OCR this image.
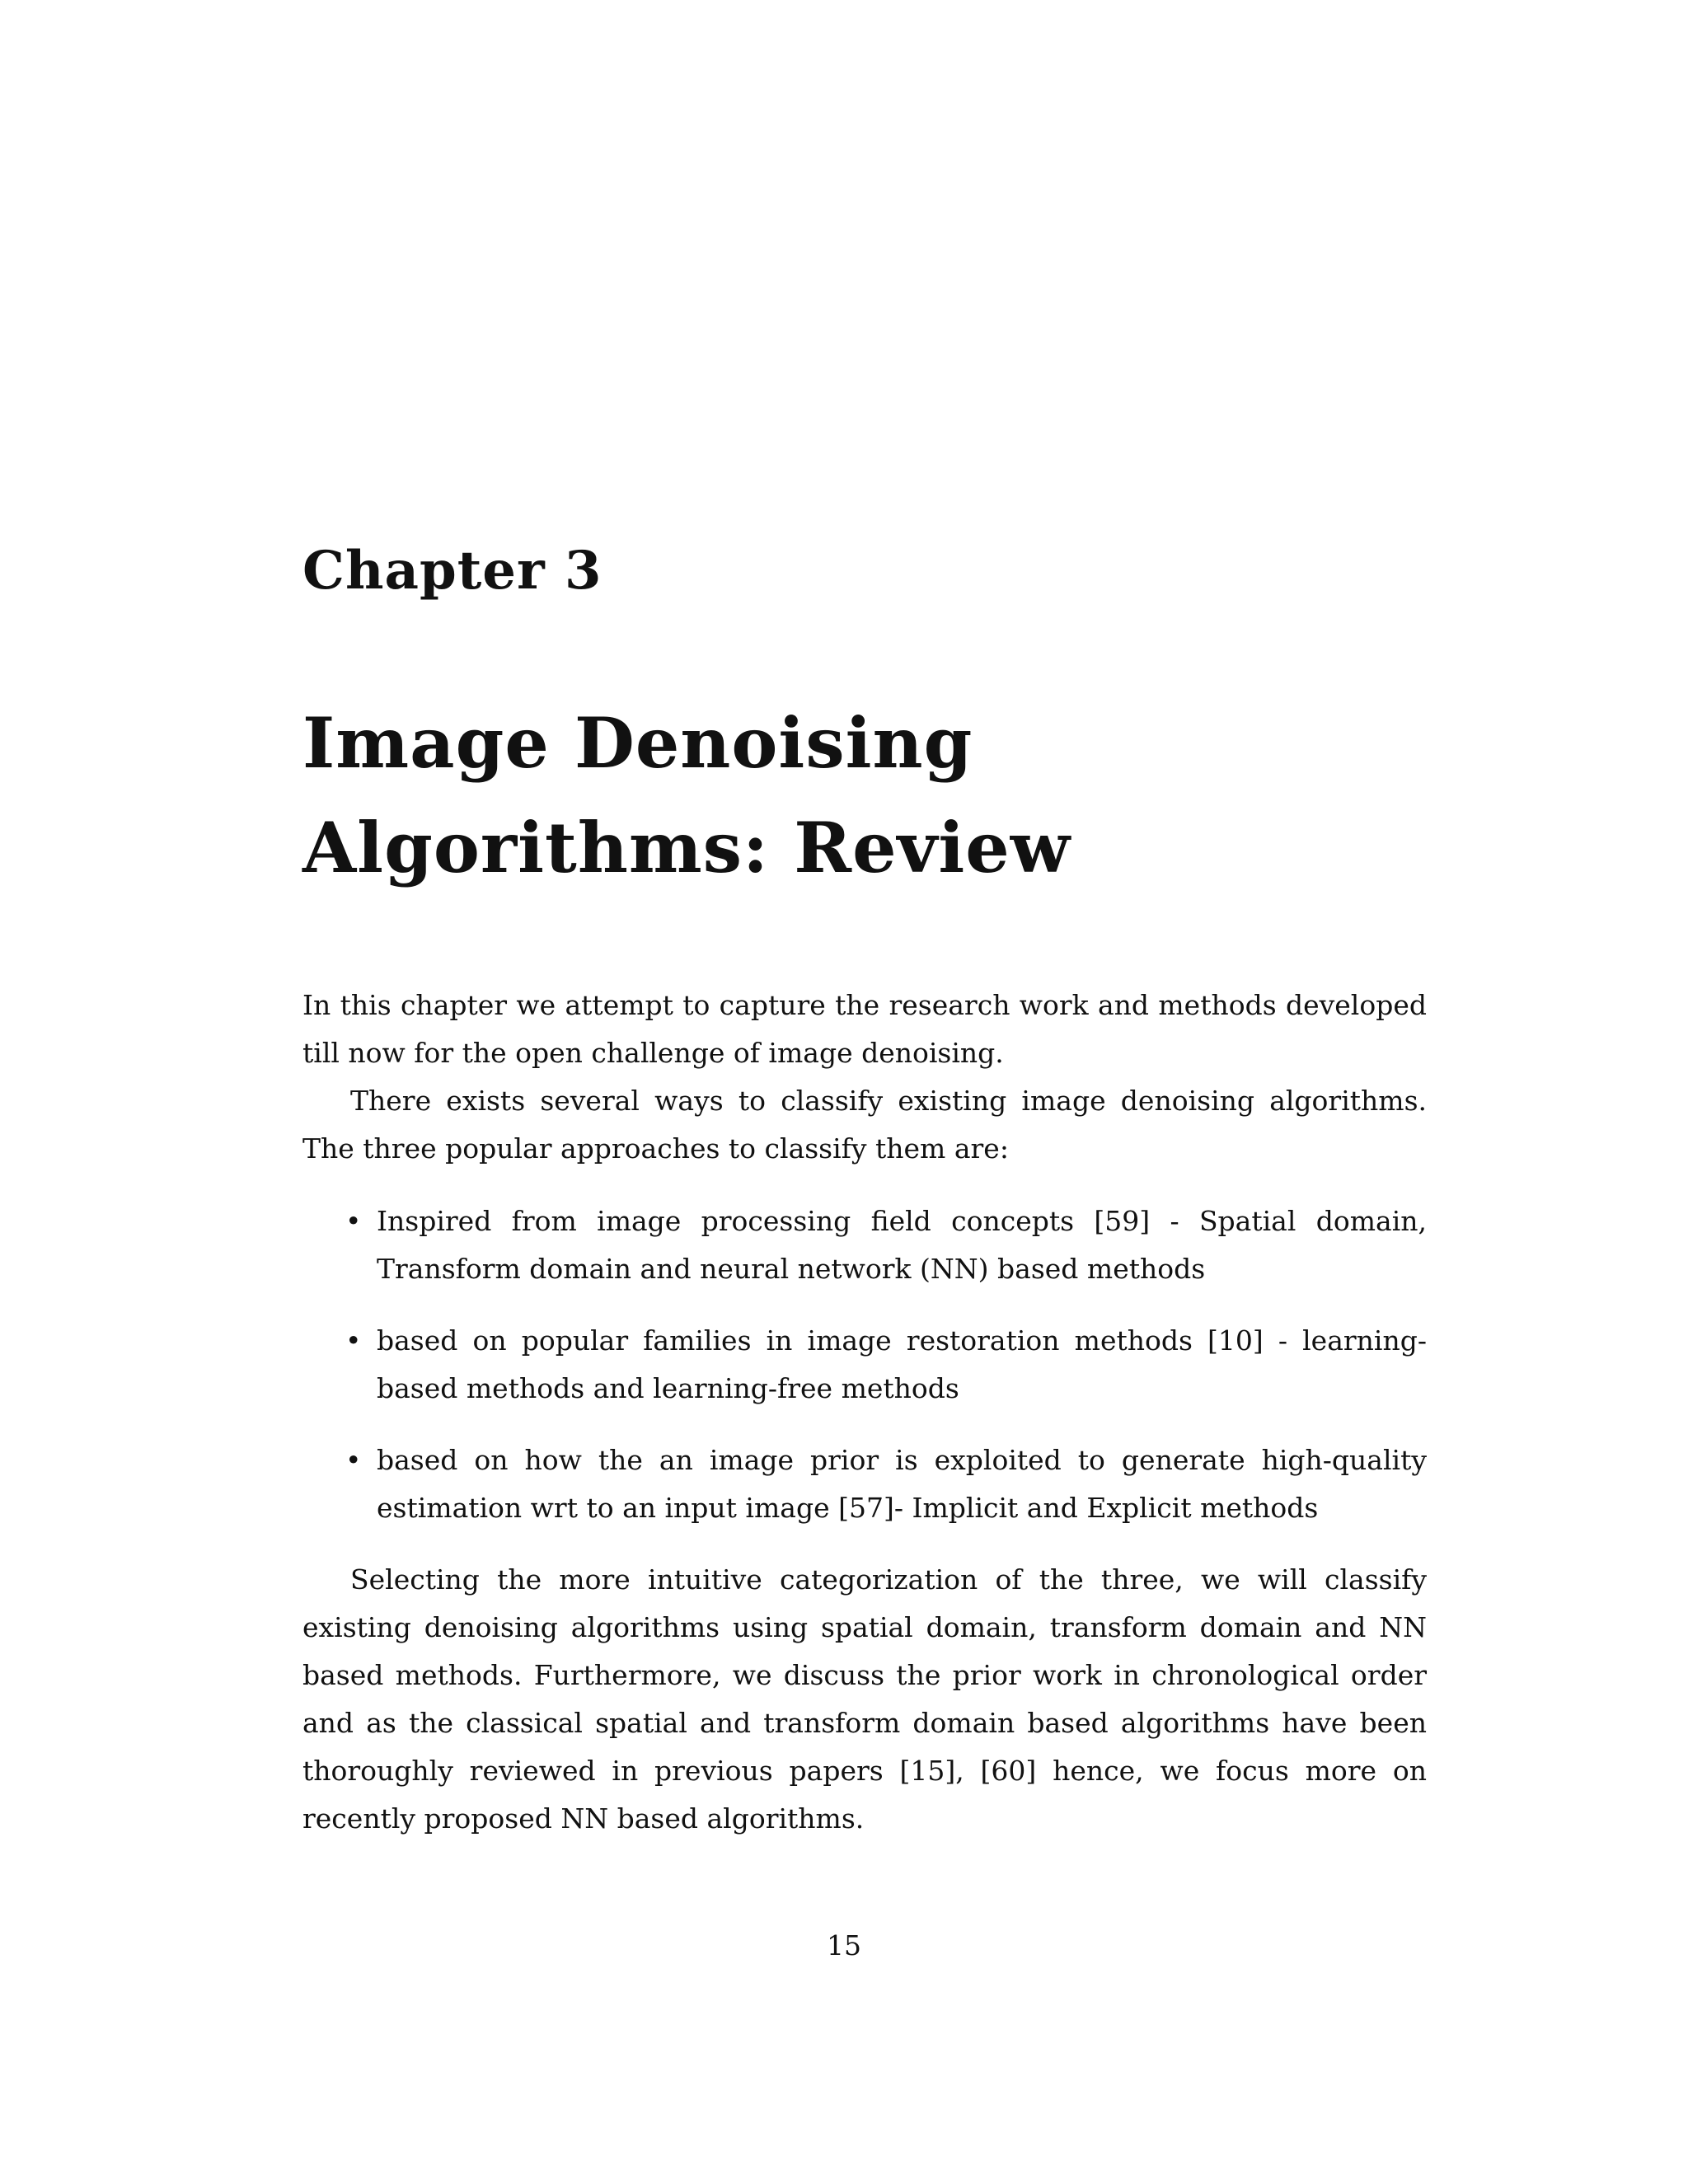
Chapter 3
Image Denoising Algorithms: Review

In this chapter we attempt to capture the research work and methods developed till now for the open challenge of image denoising.

There exists several ways to classify existing image denoising algorithms. The three popular approaches to classify them are:

• Inspired from image processing field concepts [59] - Spatial domain, Transform domain and neural network (NN) based methods
• based on popular families in image restoration methods [10] - learning-based methods and learning-free methods
• based on how the an image prior is exploited to generate high-quality estimation wrt to an input image [57]- Implicit and Explicit methods

Selecting the more intuitive categorization of the three, we will classify existing denoising algorithms using spatial domain, transform domain and NN based methods. Furthermore, we discuss the prior work in chronological order and as the classical spatial and transform domain based algorithms have been thoroughly reviewed in previous papers [15], [60] hence, we focus more on recently proposed NN based algorithms.

15
